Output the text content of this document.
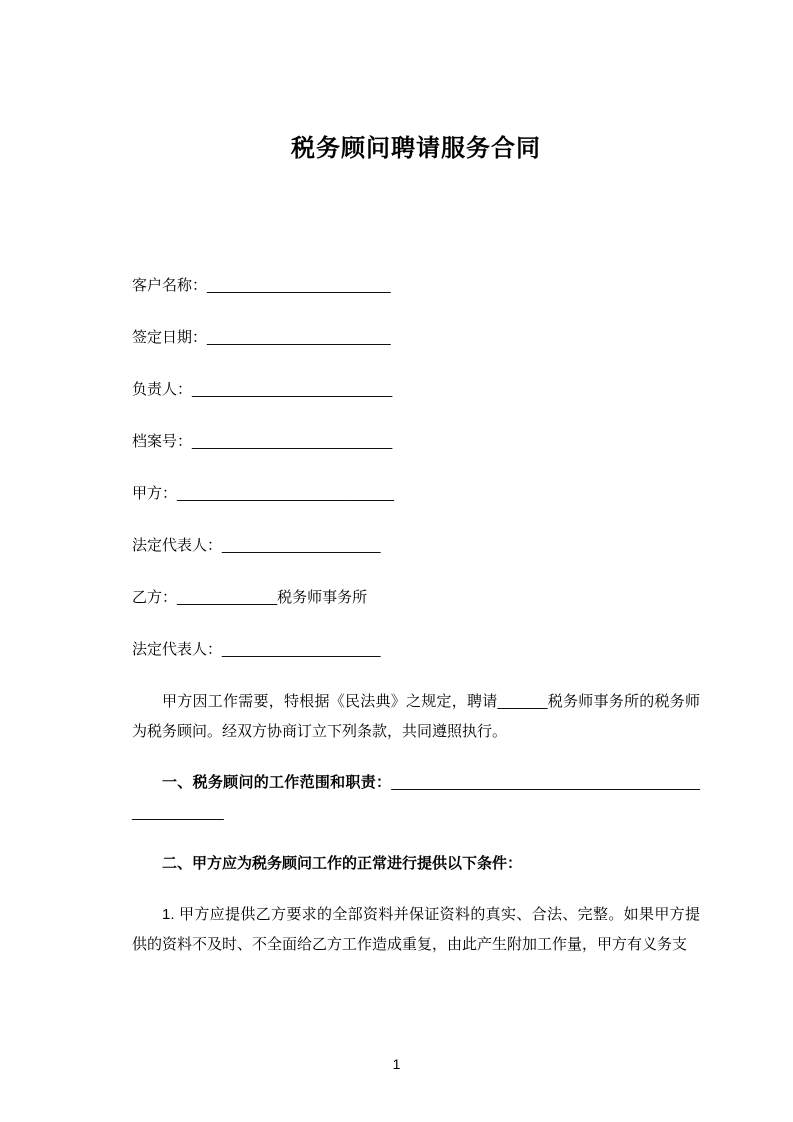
税务顾问聘请服务合同
客户名称：______________________
签定日期：______________________
负责人：________________________
档案号：________________________
甲方：__________________________
法定代表人：___________________
乙方：____________税务师事务所
法定代表人：___________________

甲方因工作需要，特根据《民法典》之规定，聘请______税务师事务所的税务师为税务顾问。经双方协商订立下列条款，共同遵照执行。

一、税务顾问的工作范围和职责：________________________________________________

二、甲方应为税务顾问工作的正常进行提供以下条件：

1. 甲方应提供乙方要求的全部资料并保证资料的真实、合法、完整。如果甲方提供的资料不及时、不全面给乙方工作造成重复，由此产生附加工作量，甲方有义务支

1
